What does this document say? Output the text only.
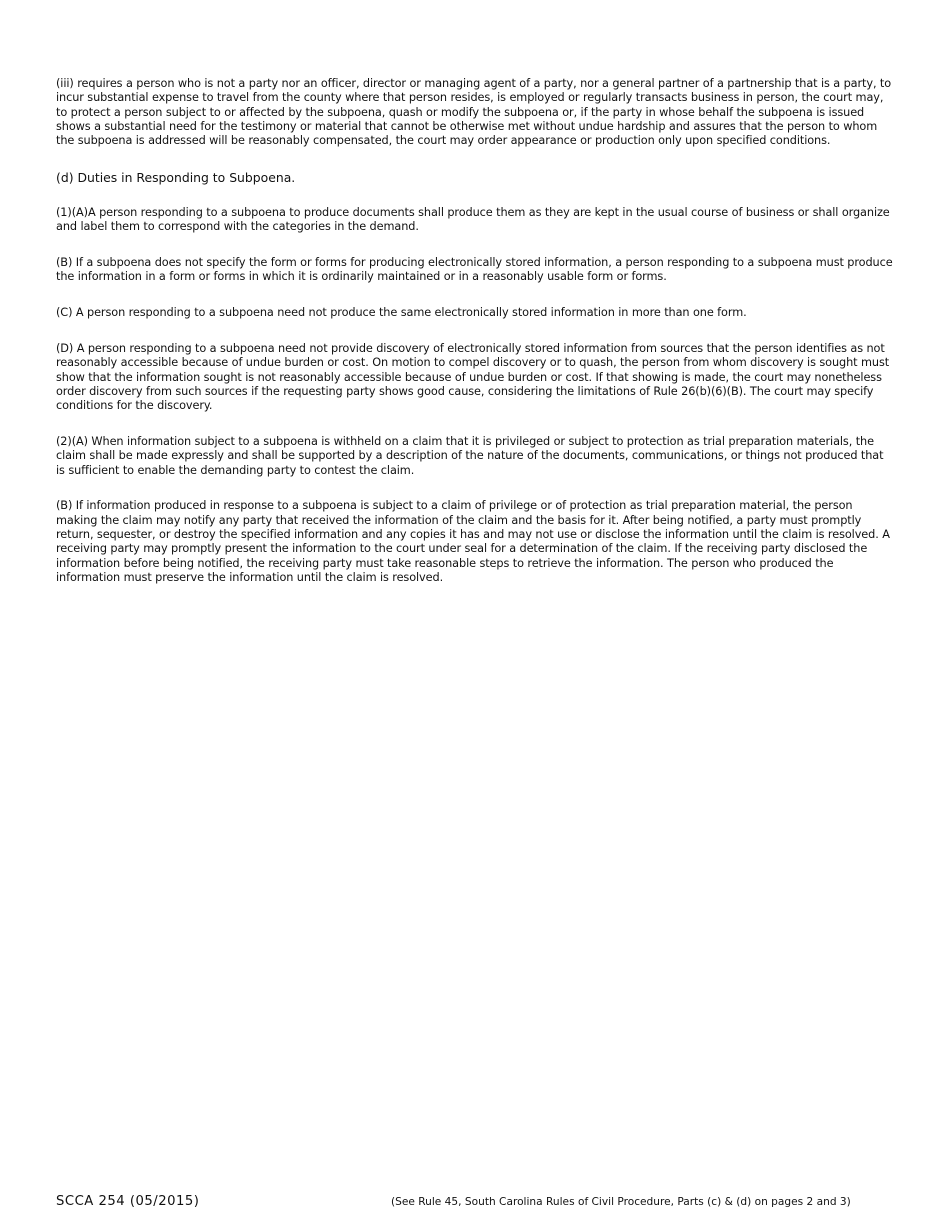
(iii) requires a person who is not a party nor an officer, director or managing agent of a party, nor a general partner of a partnership that is a party, to incur substantial expense to travel from the county where that person resides, is employed or regularly transacts business in person, the court may, to protect a person subject to or affected by the subpoena, quash or modify the subpoena or, if the party in whose behalf the subpoena is issued shows a substantial need for the testimony or material that cannot be otherwise met without undue hardship and assures that the person to whom the subpoena is addressed will be reasonably compensated, the court may order appearance or production only upon specified conditions.

(d) Duties in Responding to Subpoena.

(1)(A)A person responding to a subpoena to produce documents shall produce them as they are kept in the usual course of business or shall organize and label them to correspond with the categories in the demand.

(B) If a subpoena does not specify the form or forms for producing electronically stored information, a person responding to a subpoena must produce the information in a form or forms in which it is ordinarily maintained or in a reasonably usable form or forms.

(C) A person responding to a subpoena need not produce the same electronically stored information in more than one form.

(D) A person responding to a subpoena need not provide discovery of electronically stored information from sources that the person identifies as not reasonably accessible because of undue burden or cost. On motion to compel discovery or to quash, the person from whom discovery is sought must show that the information sought is not reasonably accessible because of undue burden or cost. If that showing is made, the court may nonetheless order discovery from such sources if the requesting party shows good cause, considering the limitations of Rule 26(b)(6)(B). The court may specify conditions for the discovery.

(2)(A) When information subject to a subpoena is withheld on a claim that it is privileged or subject to protection as trial preparation materials, the claim shall be made expressly and shall be supported by a description of the nature of the documents, communications, or things not produced that is sufficient to enable the demanding party to contest the claim.

(B) If information produced in response to a subpoena is subject to a claim of privilege or of protection as trial preparation material, the person making the claim may notify any party that received the information of the claim and the basis for it. After being notified, a party must promptly return, sequester, or destroy the specified information and any copies it has and may not use or disclose the information until the claim is resolved. A receiving party may promptly present the information to the court under seal for a determination of the claim. If the receiving party disclosed the information before being notified, the receiving party must take reasonable steps to retrieve the information. The person who produced the information must preserve the information until the claim is resolved.

SCCA 254 (05/2015)	(See Rule 45, South Carolina Rules of Civil Procedure, Parts (c) & (d) on pages 2 and 3)
